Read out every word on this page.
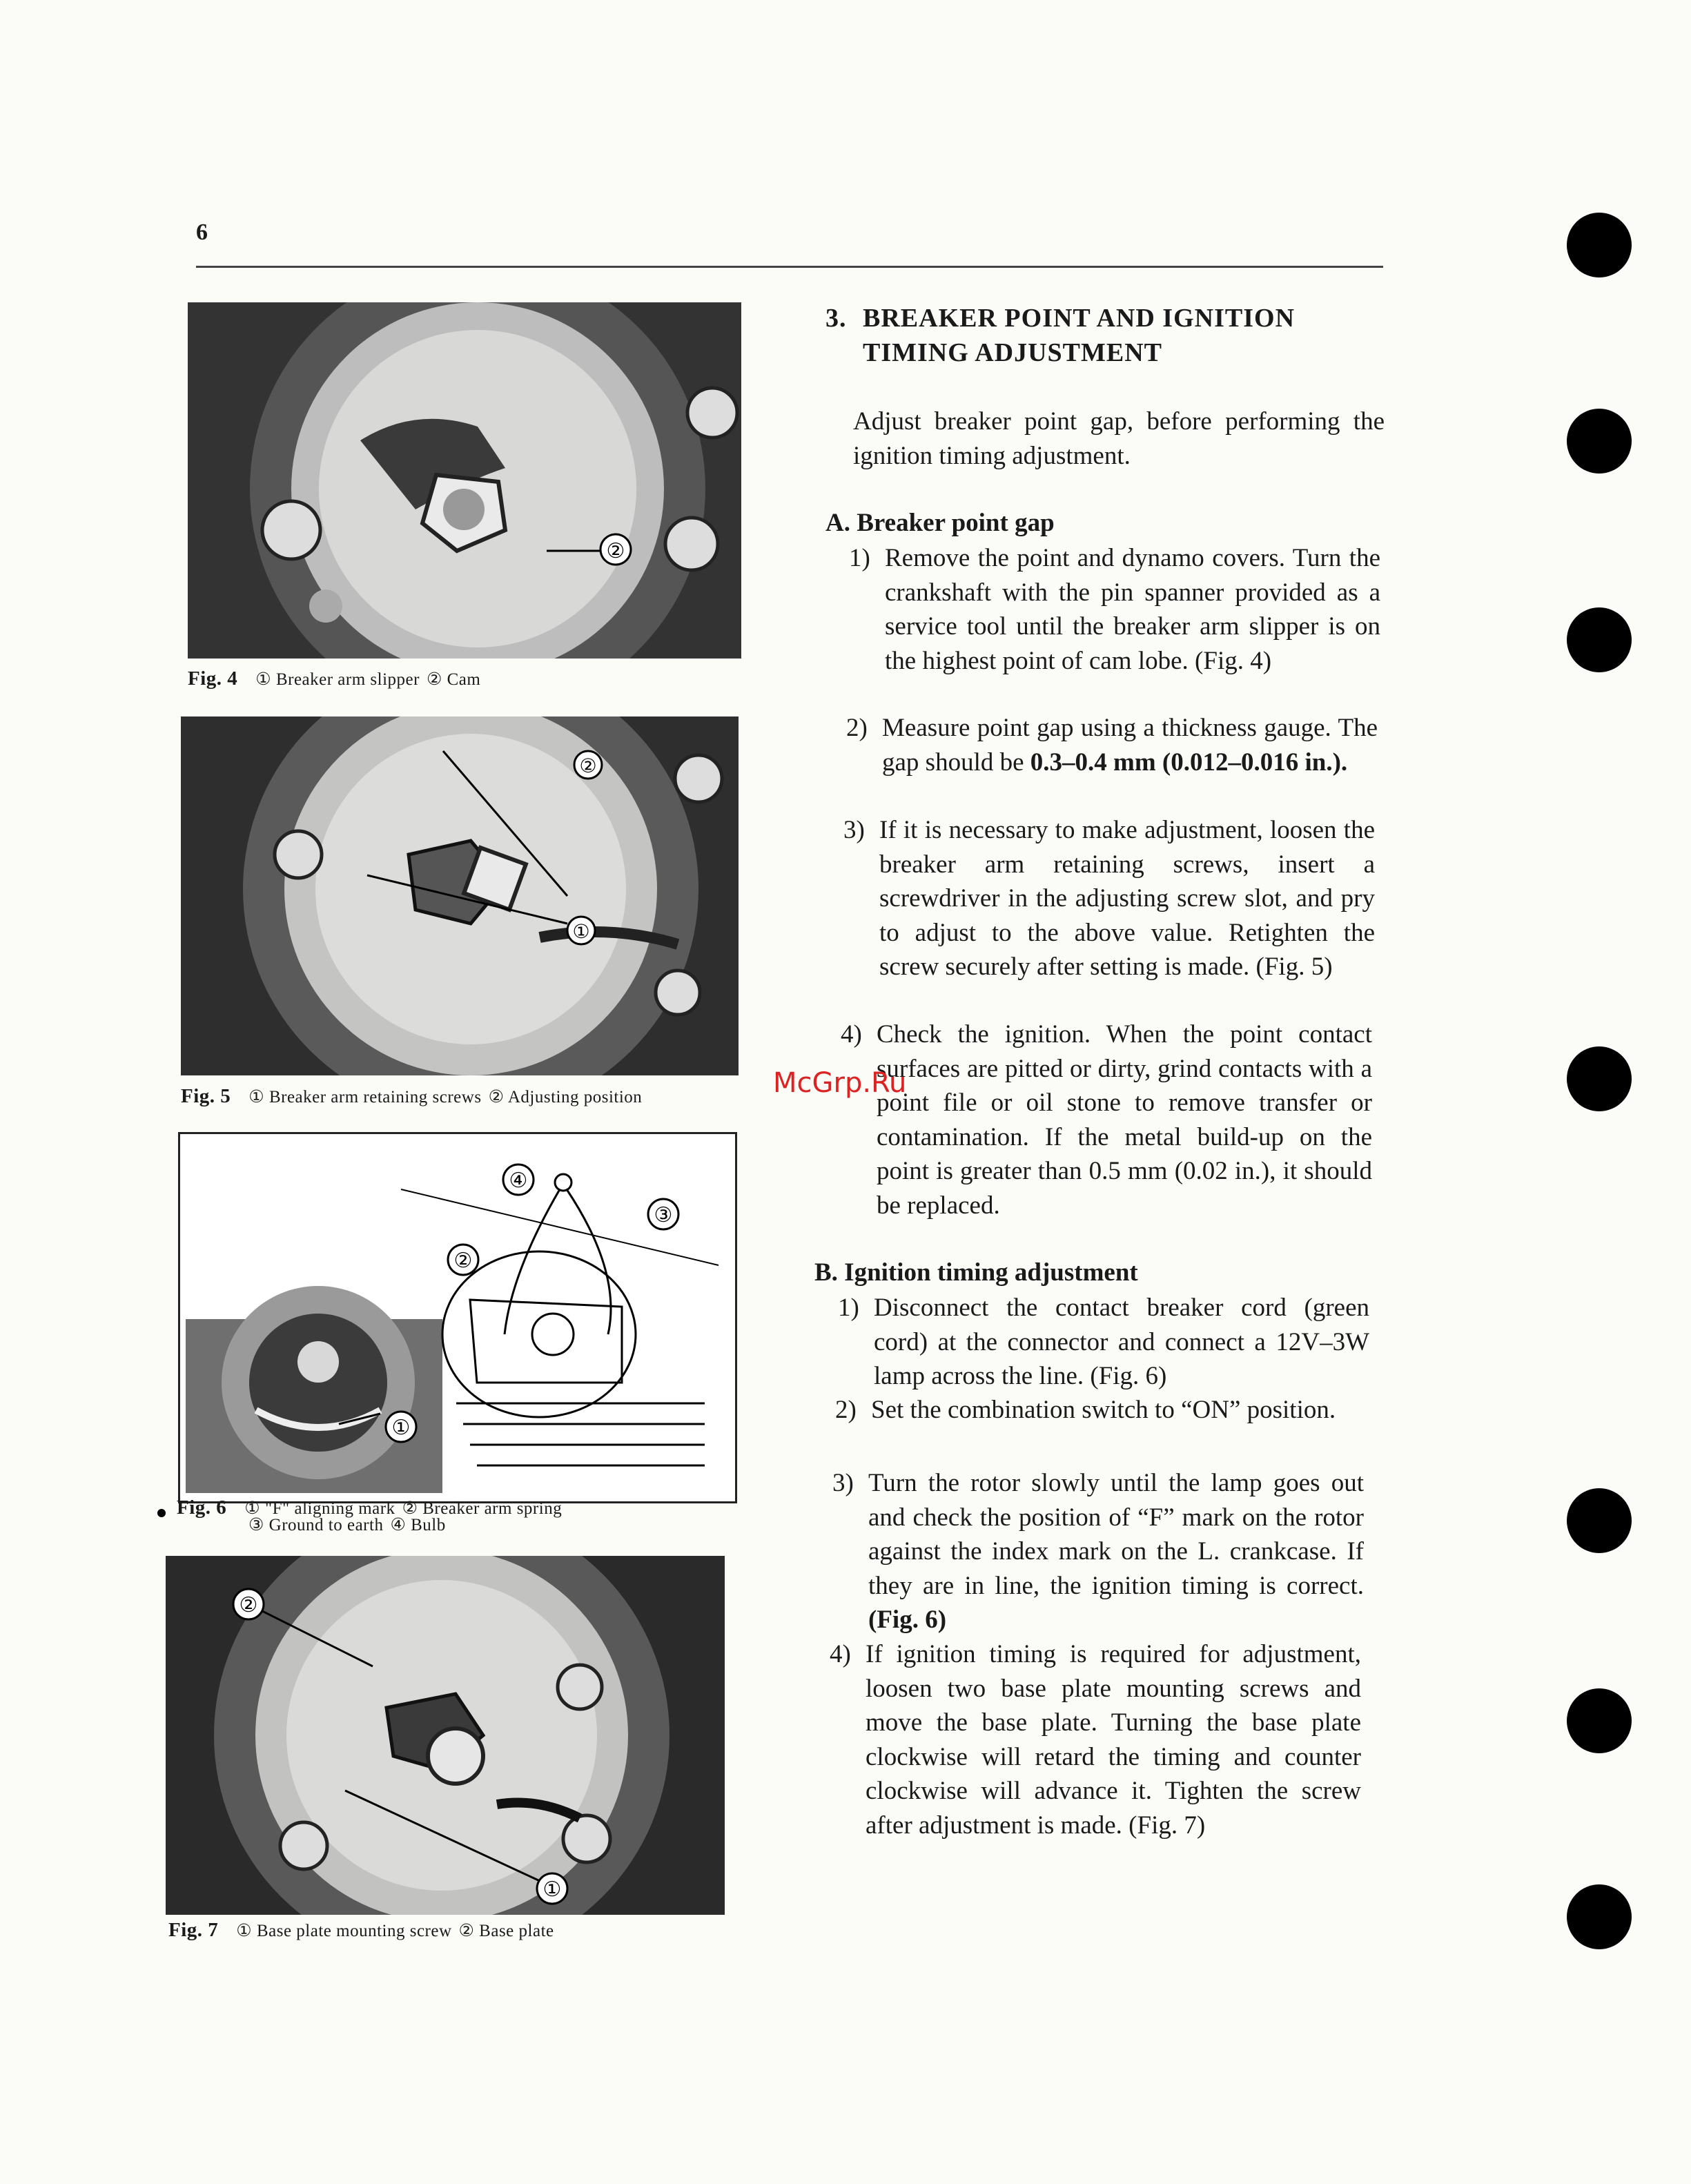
6
②
Fig. 4 ① Breaker arm slipper ② Cam
②
①
Fig. 5 ① Breaker arm retaining screws ② Adjusting position
①
④
③
②
Fig. 6 ① "F" aligning mark ② Breaker arm spring
③ Ground to earth ④ Bulb
②
①
Fig. 7 ① Base plate mounting screw ② Base plate
3. BREAKER POINT AND IGNITION
TIMING ADJUSTMENT
Adjust breaker point gap, before performing the ignition timing adjustment.
A. Breaker point gap
1) Remove the point and dynamo covers. Turn the crankshaft with the pin spanner provided as a service tool until the breaker arm slipper is on the highest point of cam lobe. (Fig. 4)
2) Measure point gap using a thickness gauge. The gap should be 0.3–0.4 mm (0.012–0.016 in.).
3) If it is necessary to make adjustment, loosen the breaker arm retaining screws, insert a screwdriver in the adjusting screw slot, and pry to adjust to the above value. Retighten the screw securely after setting is made. (Fig. 5)
4) Check the ignition. When the point contact surfaces are pitted or dirty, grind contacts with a point file or oil stone to remove transfer or contamination. If the metal build-up on the point is greater than 0.5 mm (0.02 in.), it should be replaced.
McGrp.Ru
B. Ignition timing adjustment
1) Disconnect the contact breaker cord (green cord) at the connector and connect a 12V–3W lamp across the line. (Fig. 6)
2) Set the combination switch to “ON” position.
3) Turn the rotor slowly until the lamp goes out and check the position of “F” mark on the rotor against the index mark on the L. crankcase. If they are in line, the ignition timing is correct. (Fig. 6)
4) If ignition timing is required for adjustment, loosen two base plate mounting screws and move the base plate. Turning the base plate clockwise will retard the timing and counter clockwise will advance it. Tighten the screw after adjustment is made. (Fig. 7)
